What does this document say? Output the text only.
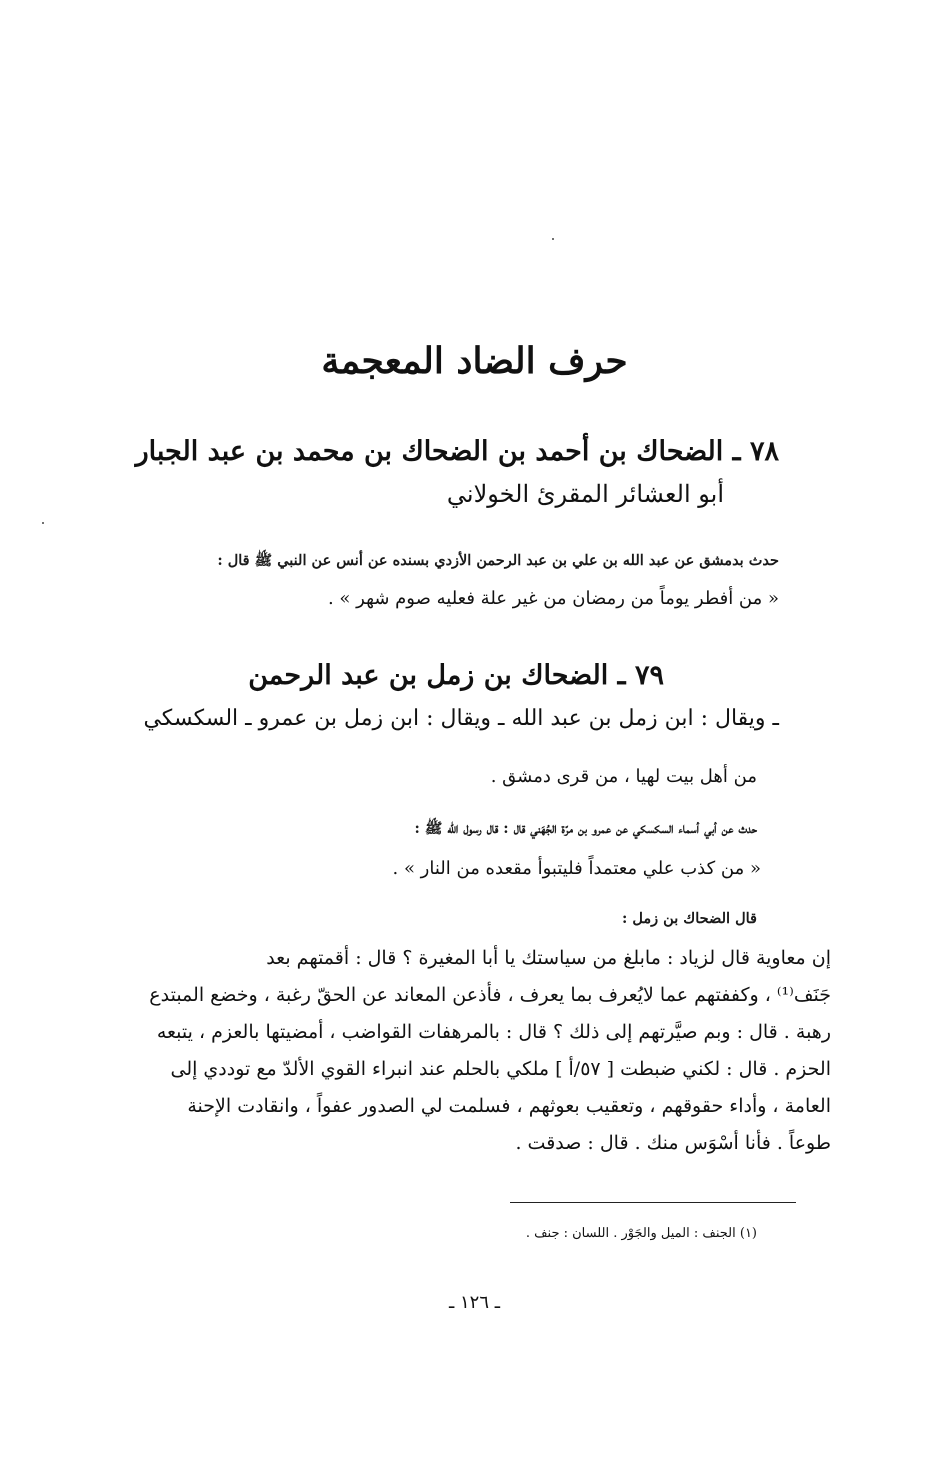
حرف الضاد المعجمة
٧٨ ـ الضحاك بن أحمد بن الضحاك بن محمد بن عبد الجبار
أبو العشائر المقرئ الخولاني
حدث بدمشق عن عبد الله بن علي بن عبد الرحمن الأزدي بسنده عن أنس عن النبي ﷺ قال :
« من أفطر يوماً من رمضان من غير علة فعليه صوم شهر » .
٧٩ ـ الضحاك بن زمل بن عبد الرحمن
ـ ويقال : ابن زمل بن عبد الله ـ ويقال : ابن زمل بن عمرو ـ السكسكي
من أهل بيت لهيا ، من قرى دمشق .
حدث عن أبي أسماء السكسكي عن عمرو بن مرّة الجُهَني قال : قال رسول الله ﷺ :
« من كذب علي معتمداً فليتبوأ مقعده من النار » .
قال الضحاك بن زمل :
إن معاوية قال لزياد : مابلغ من سياستك يا أبا المغيرة ؟ قال : أقمتهم بعد
جَنَف⁽¹⁾ ، وكففتهم عما لايُعرف بما يعرف ، فأذعن المعاند عن الحقّ رغبة ، وخضع المبتدع
رهبة . قال : وبم صيَّرتهم إلى ذلك ؟ قال : بالمرهفات القواضب ، أمضيتها بالعزم ، يتبعه
الحزم . قال : لكني ضبطت [ ٥٧/أ ] ملكي بالحلم عند انبراء القوي الألدّ مع توددي إلى
العامة ، وأداء حقوقهم ، وتعقيب بعوثهم ، فسلمت لي الصدور عفواً ، وانقادت الإحنة
طوعاً . فأنا أسْوَس منك . قال : صدقت .
(١) الجنف : الميل والجَوْر . اللسان : جنف .
ـ ١٢٦ ـ
